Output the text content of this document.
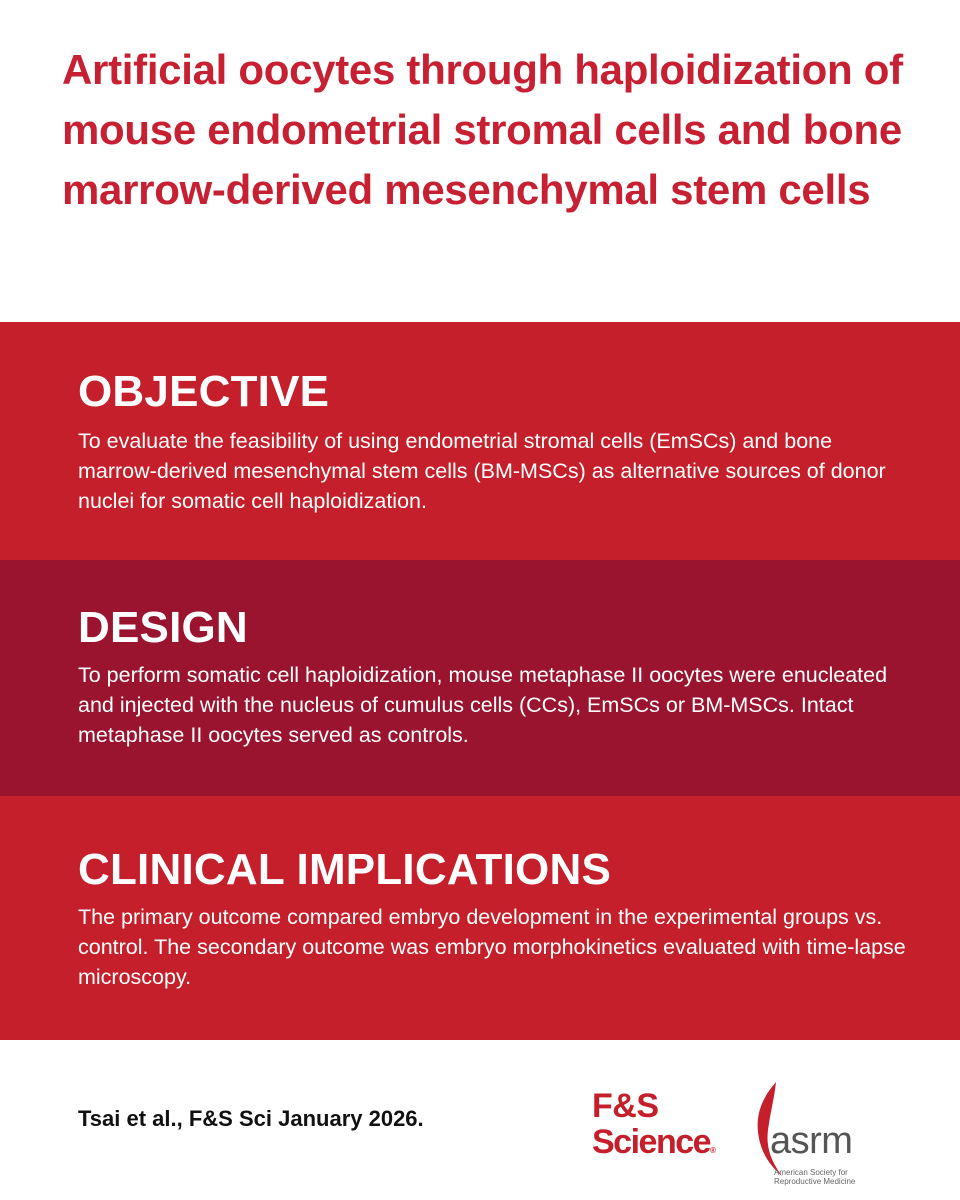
Artificial oocytes through haploidization of mouse endometrial stromal cells and bone marrow-derived mesenchymal stem cells
OBJECTIVE

To evaluate the feasibility of using endometrial stromal cells (EmSCs) and bone marrow-derived mesenchymal stem cells (BM-MSCs) as alternative sources of donor nuclei for somatic cell haploidization.

DESIGN

To perform somatic cell haploidization, mouse metaphase II oocytes were enucleated and injected with the nucleus of cumulus cells (CCs), EmSCs or BM-MSCs. Intact metaphase II oocytes served as controls.

CLINICAL IMPLICATIONS

The primary outcome compared embryo development in the experimental groups vs. control. The secondary outcome was embryo morphokinetics evaluated with time-lapse microscopy.

Tsai et al., F&S Sci January 2026.	F&S
Science®	asrm

American Society for
Reproductive Medicine
